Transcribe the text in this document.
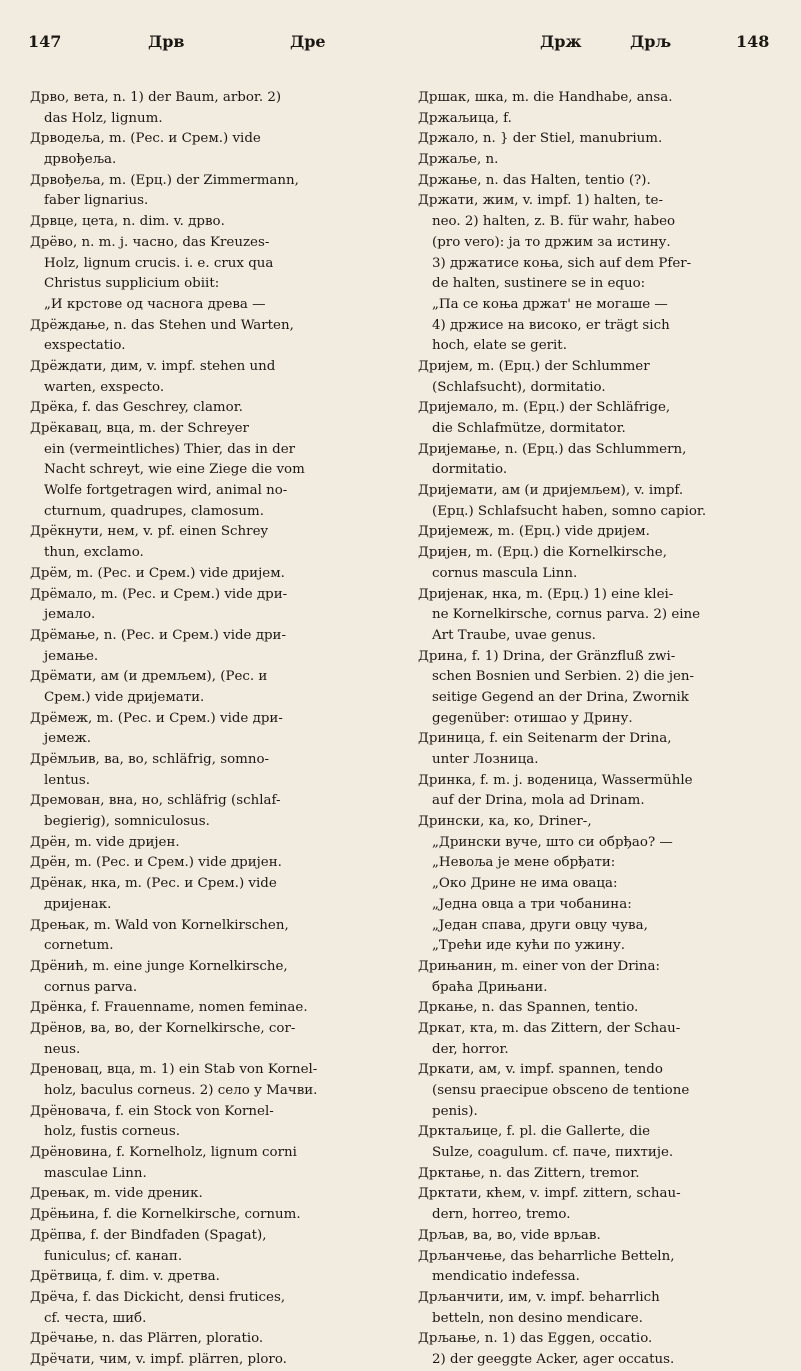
147	Дрв	Дре	Држ	Дрљ	148
Дрво, вета, n. 1) der Baum, arbor. 2)
das Holz, lignum.
Дрводеља, m. (Рес. и Срем.) vide
дрвођеља.
Дрвођеља, m. (Ерц.) der Zimmermann,
faber lignarius.
Дрвце, цета, n. dim. v. дрво.
Дрёво, n. m. j. часно, das Kreuzes-
Holz, lignum crucis. i. e. crux qua
Christus supplicium obiit:
„И крстове од часнога древа —
Дрёждање, n. das Stehen und Warten,
exspectatio.
Дрёждати, дим, v. impf. stehen und
warten, exspecto.
Дрёка, f. das Geschrey, clamor.
Дрёкавац, вца, m. der Schreyer
ein (vermeintliches) Thier, das in der
Nacht schreyt, wie eine Ziege die vom
Wolfe fortgetragen wird, animal no-
cturnum, quadrupes, clamosum.
Дрёкнути, нем, v. pf. einen Schrey
thun, exclamo.
Дрём, m. (Рес. и Срем.) vide дријем.
Дрёмало, m. (Рес. и Срем.) vide дри-
јемало.
Дрёмање, n. (Рес. и Срем.) vide дри-
јемање.
Дрёмати, ам (и дремљем), (Рес. и
Срем.) vide дријемати.
Дрёмеж, m. (Рес. и Срем.) vide дри-
јемеж.
Дрёмљив, ва, во, schläfrig, somno-
lentus.
Дремован, вна, но, schläfrig (schlaf-
begierig), somniculosus.
Дрён, m. vide дријен.
Дрён, m. (Рес. и Срем.) vide дријен.
Дрёнак, нка, m. (Рес. и Срем.) vide
дријенак.
Дрењак, m. Wald von Kornelkirschen,
cornetum.
Дрёнић, m. eine junge Kornelkirsche,
cornus parva.
Дрёнка, f. Frauenname, nomen feminae.
Дрёнов, ва, во, der Kornelkirsche, cor-
neus.
Дреновац, вца, m. 1) ein Stab von Kornel-
holz, baculus corneus. 2) село у Мачви.
Дрёновача, f. ein Stock von Kornel-
holz, fustis corneus.
Дрёновина, f. Kornelholz, lignum corni
masculae Linn.
Дрењак, m. vide дреник.
Дрёњина, f. die Kornelkirsche, cornum.
Дрёпва, f. der Bindfaden (Spagat),
funiculus; cf. канап.
Дрётвица, f. dim. v. дретва.
Дрёча, f. das Dickicht, densi frutices,
cf. честа, шиб.
Дрёчање, n. das Plärren, ploratio.
Дрёчати, чим, v. impf. plärren, ploro.
Дршак, шка, m. die Handhabe, ansa.
Држаљица, f.
Држало, n. } der Stiel, manubrium.
Држаље, n.
Држање, n. das Halten, tentio (?).
Држати, жим, v. impf. 1) halten, te-
neo. 2) halten, z. B. für wahr, habeo
(pro vero): ја то држим за истину.
3) држатисе коња, sich auf dem Pfer-
de halten, sustinere se in equo:
„Па се коња држат' не могаше —
4) држисе на високо, er trägt sich
hoch, elate se gerit.
Дријем, m. (Ерц.) der Schlummer
(Schlafsucht), dormitatio.
Дријемало, m. (Ерц.) der Schläfrige,
die Schlafmütze, dormitator.
Дријемање, n. (Ерц.) das Schlummern,
dormitatio.
Дријемати, ам (и дријемљем), v. impf.
(Ерц.) Schlafsucht haben, somno capior.
Дријемеж, m. (Ерц.) vide дријем.
Дријен, m. (Ерц.) die Kornelkirsche,
cornus mascula Linn.
Дријенак, нка, m. (Ерц.) 1) eine klei-
ne Kornelkirsche, cornus parva. 2) eine
Art Traube, uvae genus.
Дрина, f. 1) Drina, der Gränzfluß zwi-
schen Bosnien und Serbien. 2) die jen-
seitige Gegend an der Drina, Zwornik
gegenüber: отишао у Дрину.
Дриница, f. ein Seitenarm der Drina,
unter Лозница.
Дринка, f. m. j. воденица, Wassermühle
auf der Drina, mola ad Drinam.
Дрински, ка, ко, Driner-,
„Дрински вуче, што си обрђао? —
„Невоља је мене обрђати:
„Око Дрине не има оваца:
„Једна овца а три чобанина:
„Један спава, други овцу чува,
„Трећи иде кући по ужину.
Дрињанин, m. einer von der Drina:
браћа Дрињани.
Дркање, n. das Spannen, tentio.
Дркат, кта, m. das Zittern, der Schau-
der, horror.
Дркати, ам, v. impf. spannen, tendo
(sensu praecipue obsceno de tentione
penis).
Дрктаљице, f. pl. die Gallerte, die
Sulze, coagulum. cf. паче, пихтије.
Дрктање, n. das Zittern, tremor.
Дрктати, кћем, v. impf. zittern, schau-
dern, horreo, tremo.
Дрљав, ва, во, vide врљав.
Дрљанчење, das beharrliche Betteln,
mendicatio indefessa.
Дрљанчити, им, v. impf. beharrlich
betteln, non desino mendicare.
Дрљање, n. 1) das Eggen, occatio.
2) der geeggte Acker, ager occatus.
